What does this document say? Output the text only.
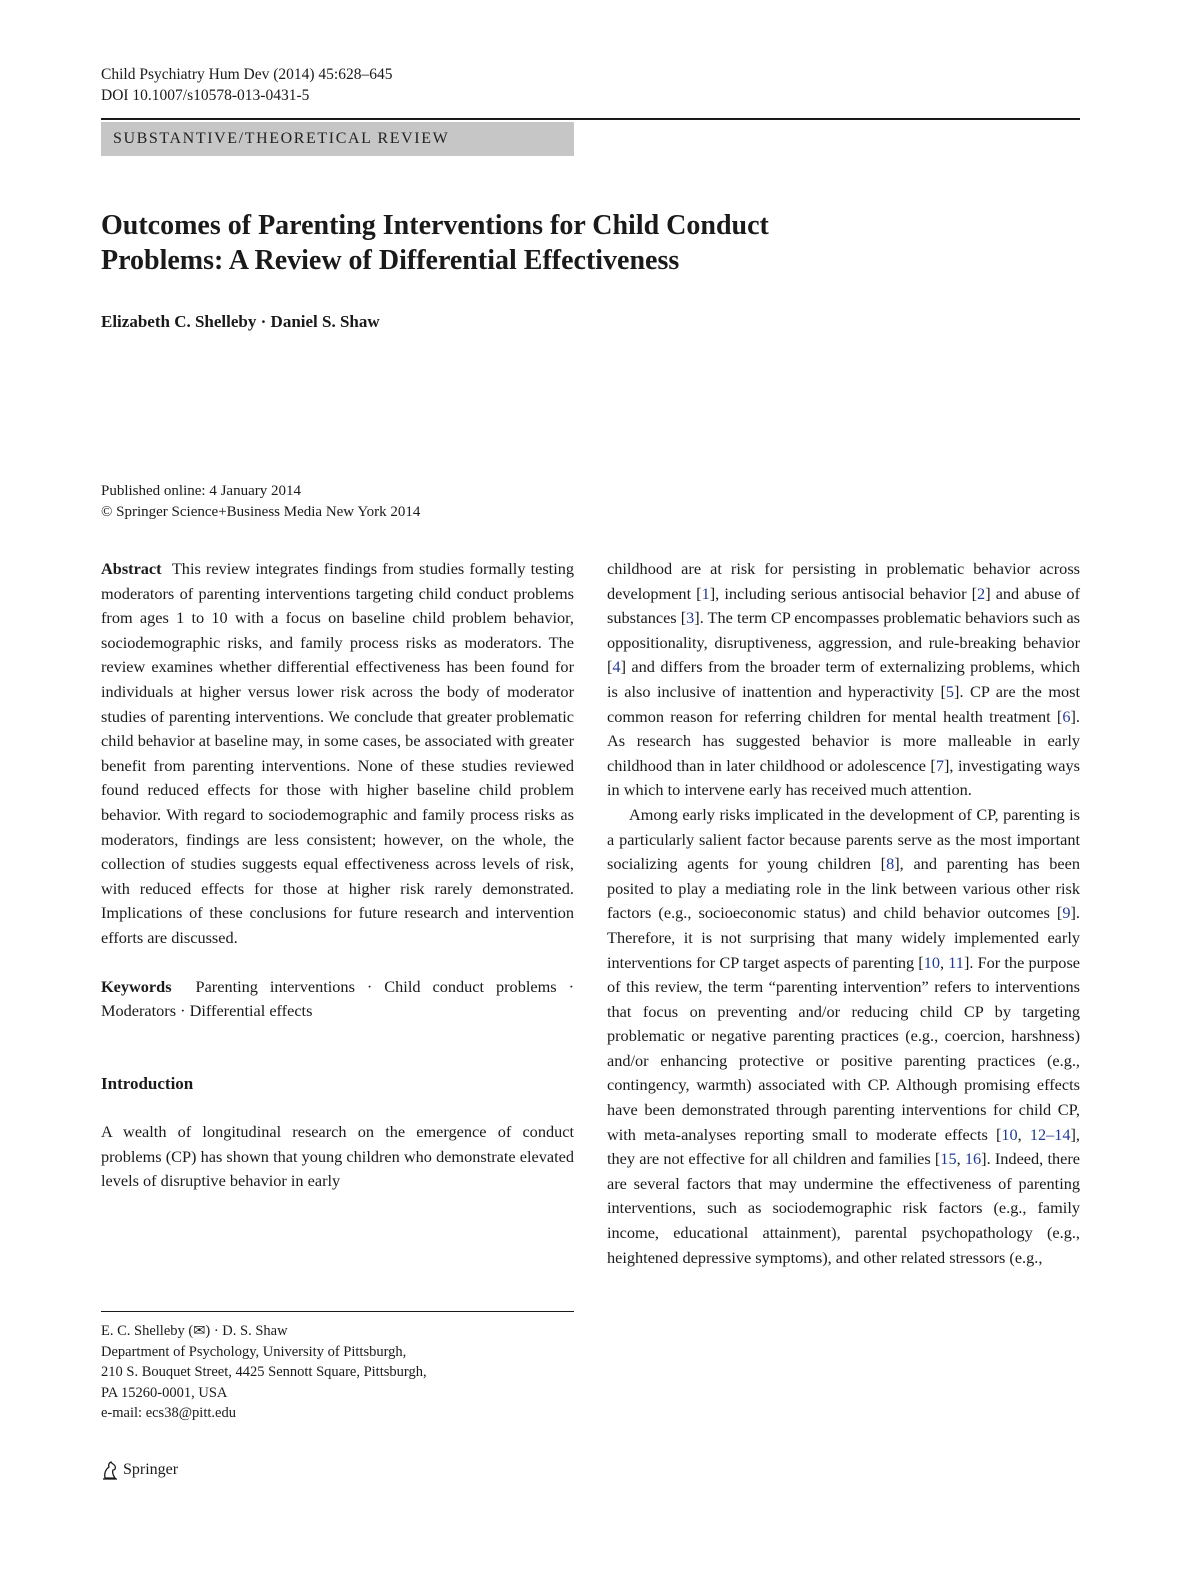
Child Psychiatry Hum Dev (2014) 45:628–645
DOI 10.1007/s10578-013-0431-5
SUBSTANTIVE/THEORETICAL REVIEW
Outcomes of Parenting Interventions for Child Conduct
Problems: A Review of Differential Effectiveness
Elizabeth C. Shelleby · Daniel S. Shaw
Published online: 4 January 2014
© Springer Science+Business Media New York 2014

Abstract This review integrates findings from studies formally testing moderators of parenting interventions targeting child conduct problems from ages 1 to 10 with a focus on baseline child problem behavior, sociodemographic risks, and family process risks as moderators. The review examines whether differential effectiveness has been found for individuals at higher versus lower risk across the body of moderator studies of parenting interventions. We conclude that greater problematic child behavior at baseline may, in some cases, be associated with greater benefit from parenting interventions. None of these studies reviewed found reduced effects for those with higher baseline child problem behavior. With regard to sociodemographic and family process risks as moderators, findings are less consistent; however, on the whole, the collection of studies suggests equal effectiveness across levels of risk, with reduced effects for those at higher risk rarely demonstrated. Implications of these conclusions for future research and intervention efforts are discussed.

Keywords Parenting interventions · Child conduct problems · Moderators · Differential effects

Introduction

A wealth of longitudinal research on the emergence of conduct problems (CP) has shown that young children who demonstrate elevated levels of disruptive behavior in early

childhood are at risk for persisting in problematic behavior across development [1], including serious antisocial behavior [2] and abuse of substances [3]. The term CP encompasses problematic behaviors such as oppositionality, disruptiveness, aggression, and rule-breaking behavior [4] and differs from the broader term of externalizing problems, which is also inclusive of inattention and hyperactivity [5]. CP are the most common reason for referring children for mental health treatment [6]. As research has suggested behavior is more malleable in early childhood than in later childhood or adolescence [7], investigating ways in which to intervene early has received much attention.

Among early risks implicated in the development of CP, parenting is a particularly salient factor because parents serve as the most important socializing agents for young children [8], and parenting has been posited to play a mediating role in the link between various other risk factors (e.g., socioeconomic status) and child behavior outcomes [9]. Therefore, it is not surprising that many widely implemented early interventions for CP target aspects of parenting [10, 11]. For the purpose of this review, the term “parenting intervention” refers to interventions that focus on preventing and/or reducing child CP by targeting problematic or negative parenting practices (e.g., coercion, harshness) and/or enhancing protective or positive parenting practices (e.g., contingency, warmth) associated with CP. Although promising effects have been demonstrated through parenting interventions for child CP, with meta-analyses reporting small to moderate effects [10, 12–14], they are not effective for all children and families [15, 16]. Indeed, there are several factors that may undermine the effectiveness of parenting interventions, such as sociodemographic risk factors (e.g., family income, educational attainment), parental psychopathology (e.g., heightened depressive symptoms), and other related stressors (e.g.,

E. C. Shelleby (✉) · D. S. Shaw
Department of Psychology, University of Pittsburgh,
210 S. Bouquet Street, 4425 Sennott Square, Pittsburgh,
PA 15260-0001, USA
e-mail: ecs38@pitt.edu
Springer
